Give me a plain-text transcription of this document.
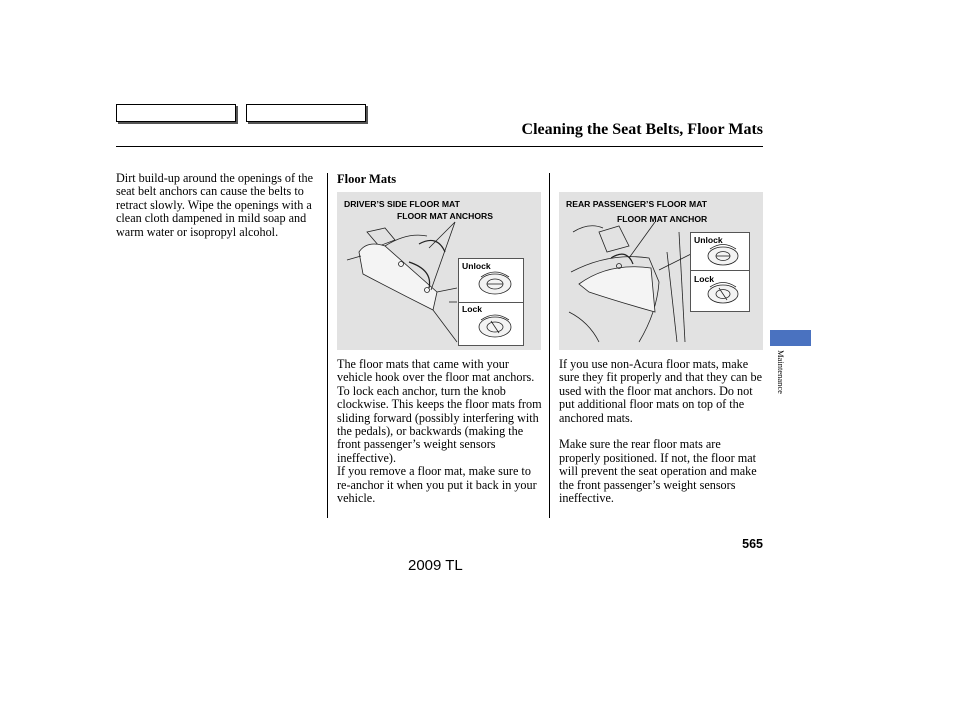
Cleaning the Seat Belts, Floor Mats

Dirt build-up around the openings of the seat belt anchors can cause the belts to retract slowly. Wipe the openings with a clean cloth dampened in mild soap and warm water or isopropyl alcohol.

Floor Mats
DRIVER’S SIDE FLOOR MAT
FLOOR MAT ANCHORS
Unlock
Lock
REAR PASSENGER’S FLOOR MAT
FLOOR MAT ANCHOR
Unlock
Lock

The floor mats that came with your vehicle hook over the floor mat anchors. To lock each anchor, turn the knob clockwise. This keeps the floor mats from sliding forward (possibly interfering with the pedals), or backwards (making the front passenger’s weight sensors ineffective).

If you remove a floor mat, make sure to re-anchor it when you put it back in your vehicle.

If you use non-Acura floor mats, make sure they fit properly and that they can be used with the floor mat anchors. Do not put additional floor mats on top of the anchored mats.

Make sure the rear floor mats are properly positioned. If not, the floor mat will prevent the seat operation and make the front passenger’s weight sensors ineffective.

Maintenance
565
2009 TL
